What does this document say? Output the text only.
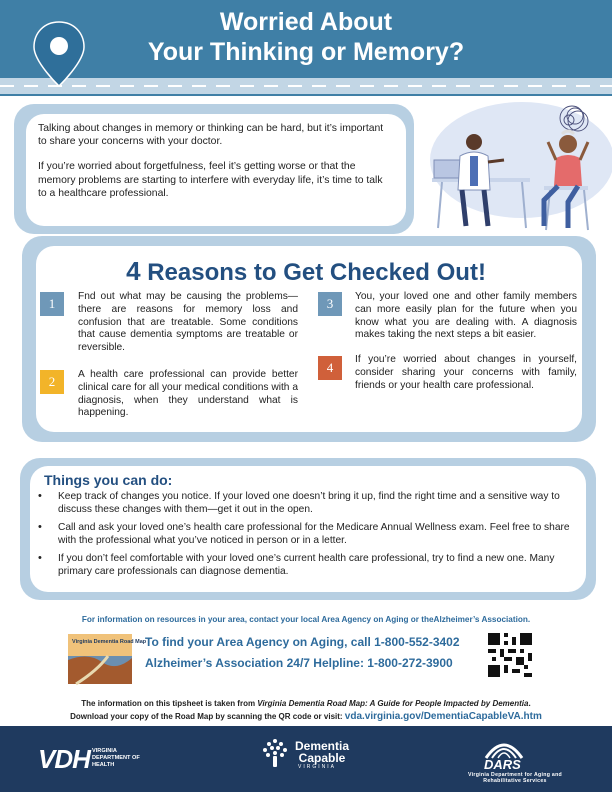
Worried About
Your Thinking or Memory?

Talking about changes in memory or thinking can be hard, but it’s important to share your concerns with your doctor.

If you’re worried about forgetfulness, feel it’s getting worse or that the memory problems are starting to interfere with everyday life, it’s time to talk to a healthcare professional.

4 Reasons to Get Checked Out!
1	Fnd out what may be causing the problems—there are reasons for memory loss and confusion that are treatable. Some conditions that cause dementia symptoms are treatable or reversible.
2	A health care professional can provide better clinical care for all your medical conditions with a diagnosis, when they understand what is happening.
3	You, your loved one and other family members can more easily plan for the future when you know what you are dealing with. A diagnosis makes taking the next steps a bit easier.
4
If you’re worried about changes in yourself, consider sharing your concerns with family, friends or your health care professional.
Things you can do:
• Keep track of changes you notice. If your loved one doesn’t bring it up, find the right time and a sensitive way to discuss these changes with them—get it out in the open.
• Call and ask your loved one’s health care professional for the Medicare Annual Wellness exam. Feel free to share with the professional what you’ve noticed in person or in a letter.
• If you don’t feel comfortable with your loved one’s current health care professional, try to find a new one. Many primary care professionals can diagnose dementia.
For information on resources in your area, contact your local Area Agency on Aging or theAlzheimer’s Association.
Virginia Dementia Road Map
To find your Area Agency on Aging, call 1-800-552-3402
Alzheimer’s Association 24/7 Helpline: 1-800-272-3900
The information on this tipsheet is taken from Virginia Dementia Road Map: A Guide for People Impacted by Dementia.
Download your copy of the Road Map by scanning the QR code or visit: vda.virginia.gov/DementiaCapableVA.htm
VDH VIRGINIA DEPARTMENT OF HEALTH
Dementia Capable
VIRGINIA	DARS
Virginia Department for Aging and Rehabilitative Services
